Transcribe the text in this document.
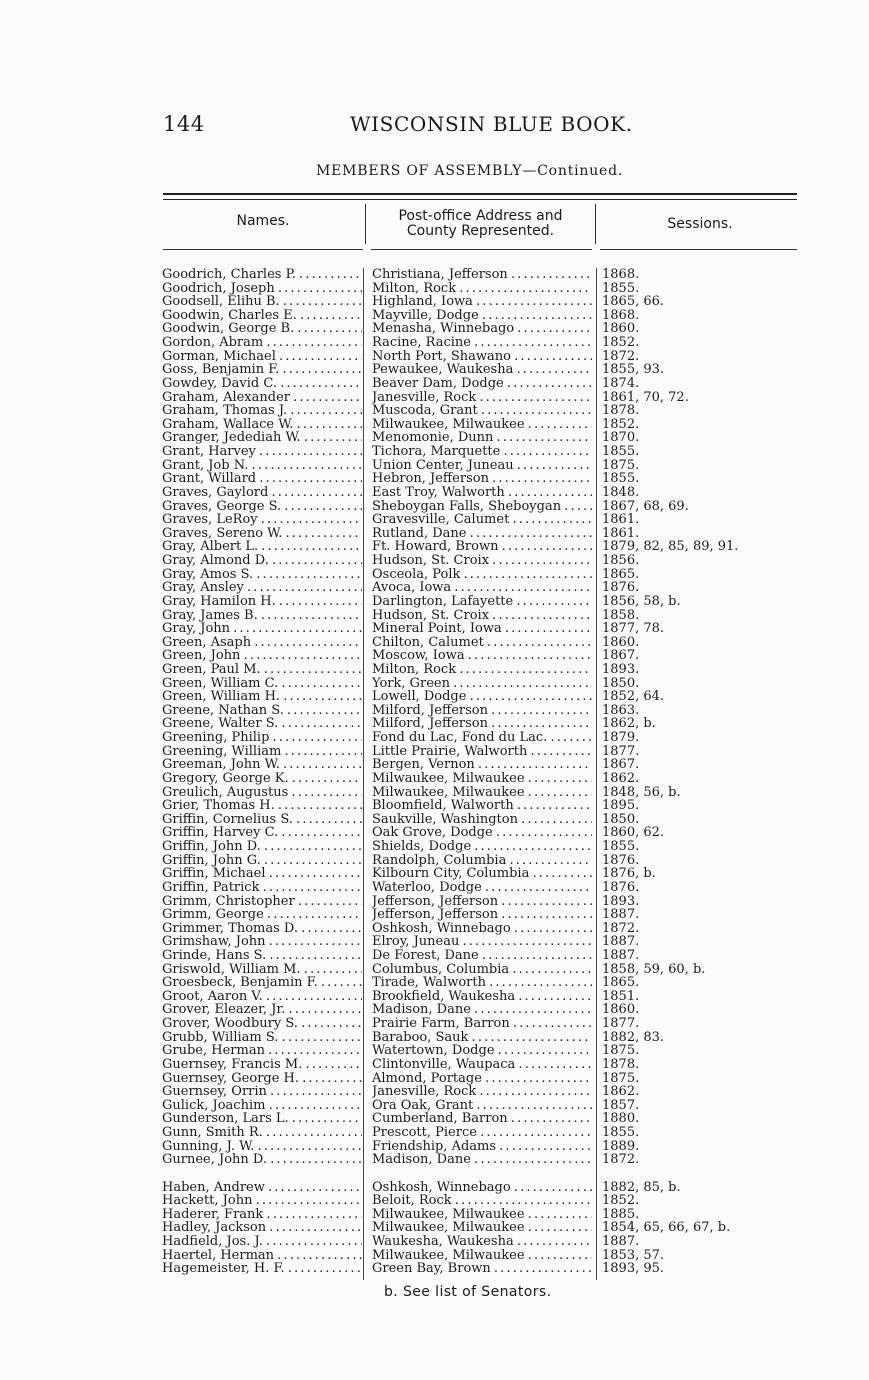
144	WISCONSIN BLUE BOOK.
MEMBERS OF ASSEMBLY—Continued.
Names.	Post-office Address and
County Represented.	Sessions.
Goodrich, Charles P. . . .	Christiana, Jefferson . . .	1868.
Goodrich, Joseph . . .	Milton, Rock . . .	1855.
Goodsell, Elihu B. . . .	Highland, Iowa . . .	1865, 66.
Goodwin, Charles E. . . .	Mayville, Dodge . . .	1868.
Goodwin, George B. . . .	Menasha, Winnebago . . .	1860.
Gordon, Abram . . .	Racine, Racine . . .	1852.
Gorman, Michael . . .	North Port, Shawano . . .	1872.
Goss, Benjamin F. . . .	Pewaukee, Waukesha . . .	1855, 93.
Gowdey, David C. . . .	Beaver Dam, Dodge . . .	1874.
Graham, Alexander . . .	Janesville, Rock . . .	1861, 70, 72.
Graham, Thomas J. . . .	Muscoda, Grant . . .	1878.
Graham, Wallace W. . . .	Milwaukee, Milwaukee . . .	1852.
Granger, Jedediah W. . . .	Menomonie, Dunn . . .	1870.
Grant, Harvey . . .	Tichora, Marquette . . .	1855.
Grant, Job N. . . .	Union Center, Juneau . . .	1875.
Grant, Willard . . .	Hebron, Jefferson . . .	1855.
Graves, Gaylord . . .	East Troy, Walworth . . .	1848.
Graves, George S. . . .	Sheboygan Falls, Sheboygan . . .	1867, 68, 69.
Graves, LeRoy . . .	Gravesville, Calumet . . .	1861.
Graves, Sereno W. . . .	Rutland, Dane . . .	1861.
Gray, Albert L. . . .	Ft. Howard, Brown . . .	1879, 82, 85, 89, 91.
Gray, Almond D. . . .	Hudson, St. Croix . . .	1856.
Gray, Amos S. . . .	Osceola, Polk . . .	1865.
Gray, Ansley . . .	Avoca, Iowa . . .	1876.
Gray, Hamilon H. . . .	Darlington, Lafayette . . .	1856, 58, b.
Gray, James B. . . .	Hudson, St. Croix . . .	1858.
Gray, John . . .	Mineral Point, Iowa . . .	1877, 78.
Green, Asaph . . .	Chilton, Calumet . . .	1860.
Green, John . . .	Moscow, Iowa . . .	1867.
Green, Paul M. . . .	Milton, Rock . . .	1893.
Green, William C. . . .	York, Green . . .	1850.
Green, William H. . . .	Lowell, Dodge . . .	1852, 64.
Greene, Nathan S. . . .	Milford, Jefferson . . .	1863.
Greene, Walter S. . . .	Milford, Jefferson . . .	1862, b.
Greening, Philip . . .	Fond du Lac, Fond du Lac. . . .	1879.
Greening, William . . .	Little Prairie, Walworth . . .	1877.
Greeman, John W. . . .	Bergen, Vernon . . .	1867.
Gregory, George K. . . .	Milwaukee, Milwaukee . . .	1862.
Greulich, Augustus . . .	Milwaukee, Milwaukee . . .	1848, 56, b.
Grier, Thomas H. . . .	Bloomfield, Walworth . . .	1895.
Griffin, Cornelius S. . . .	Saukville, Washington . . .	1850.
Griffin, Harvey C. . . .	Oak Grove, Dodge . . .	1860, 62.
Griffin, John D. . . .	Shields, Dodge . . .	1855.
Griffin, John G. . . .	Randolph, Columbia . . .	1876.
Griffin, Michael . . .	Kilbourn City, Columbia . . .	1876, b.
Griffin, Patrick . . .	Waterloo, Dodge . . .	1876.
Grimm, Christopher . . .	Jefferson, Jefferson . . .	1893.
Grimm, George . . .	Jefferson, Jefferson . . .	1887.
Grimmer, Thomas D. . . .	Oshkosh, Winnebago . . .	1872.
Grimshaw, John . . .	Elroy, Juneau . . .	1887.
Grinde, Hans S. . . .	De Forest, Dane . . .	1887.
Griswold, William M. . . .	Columbus, Columbia . . .	1858, 59, 60, b.
Groesbeck, Benjamin F. . . .	Tirade, Walworth . . .	1865.
Groot, Aaron V. . . .	Brookfield, Waukesha . . .	1851.
Grover, Eleazer, Jr. . . .	Madison, Dane . . .	1860.
Grover, Woodbury S. . . .	Prairie Farm, Barron . . .	1877.
Grubb, William S. . . .	Baraboo, Sauk . . .	1882, 83.
Grube, Herman . . .	Watertown, Dodge . . .	1875.
Guernsey, Francis M. . . .	Clintonville, Waupaca . . .	1878.
Guernsey, George H. . . .	Almond, Portage . . .	1875.
Guernsey, Orrin . . .	Janesville, Rock . . .	1862.
Gulick, Joachim . . .	Ora Oak, Grant . . .	1857.
Gunderson, Lars L. . . .	Cumberland, Barron . . .	1880.
Gunn, Smith R. . . .	Prescott, Pierce . . .	1855.
Gunning, J. W. . . .	Friendship, Adams . . .	1889.
Gurnee, John D. . . .	Madison, Dane . . .	1872.
Haben, Andrew . . .	Oshkosh, Winnebago . . .	1882, 85, b.
Hackett, John . . .	Beloit, Rock . . .	1852.
Haderer, Frank . . .	Milwaukee, Milwaukee . . .	1885.
Hadley, Jackson . . .	Milwaukee, Milwaukee . . .	1854, 65, 66, 67, b.
Hadfield, Jos. J. . . .	Waukesha, Waukesha . . .	1887.
Haertel, Herman . . .	Milwaukee, Milwaukee . . .	1853, 57.
Hagemeister, H. F. . . .	Green Bay, Brown . . .	1893, 95.
b. See list of Senators.
